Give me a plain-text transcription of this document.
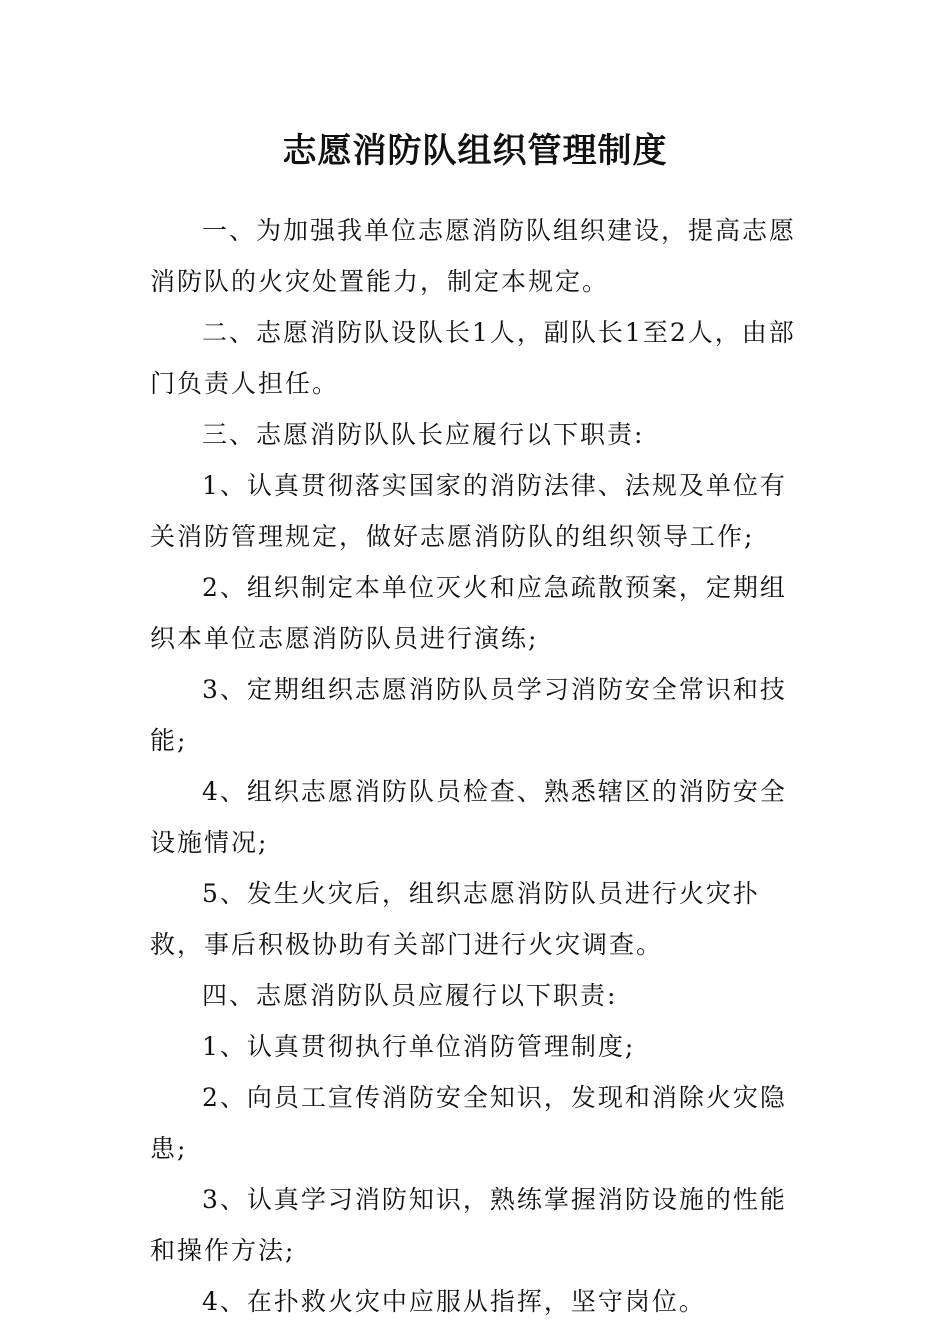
志愿消防队组织管理制度

一、为加强我单位志愿消防队组织建设，提高志愿消防队的火灾处置能力，制定本规定。

二、志愿消防队设队长1人，副队长1至2人，由部门负责人担任。

三、志愿消防队队长应履行以下职责:

1、认真贯彻落实国家的消防法律、法规及单位有关消防管理规定，做好志愿消防队的组织领导工作;

2、组织制定本单位灭火和应急疏散预案，定期组织本单位志愿消防队员进行演练;

3、定期组织志愿消防队员学习消防安全常识和技能;

4、组织志愿消防队员检查、熟悉辖区的消防安全设施情况;

5、发生火灾后，组织志愿消防队员进行火灾扑救，事后积极协助有关部门进行火灾调查。

四、志愿消防队员应履行以下职责:

1、认真贯彻执行单位消防管理制度;

2、向员工宣传消防安全知识，发现和消除火灾隐患;

3、认真学习消防知识，熟练掌握消防设施的性能和操作方法;

4、在扑救火灾中应服从指挥，坚守岗位。
